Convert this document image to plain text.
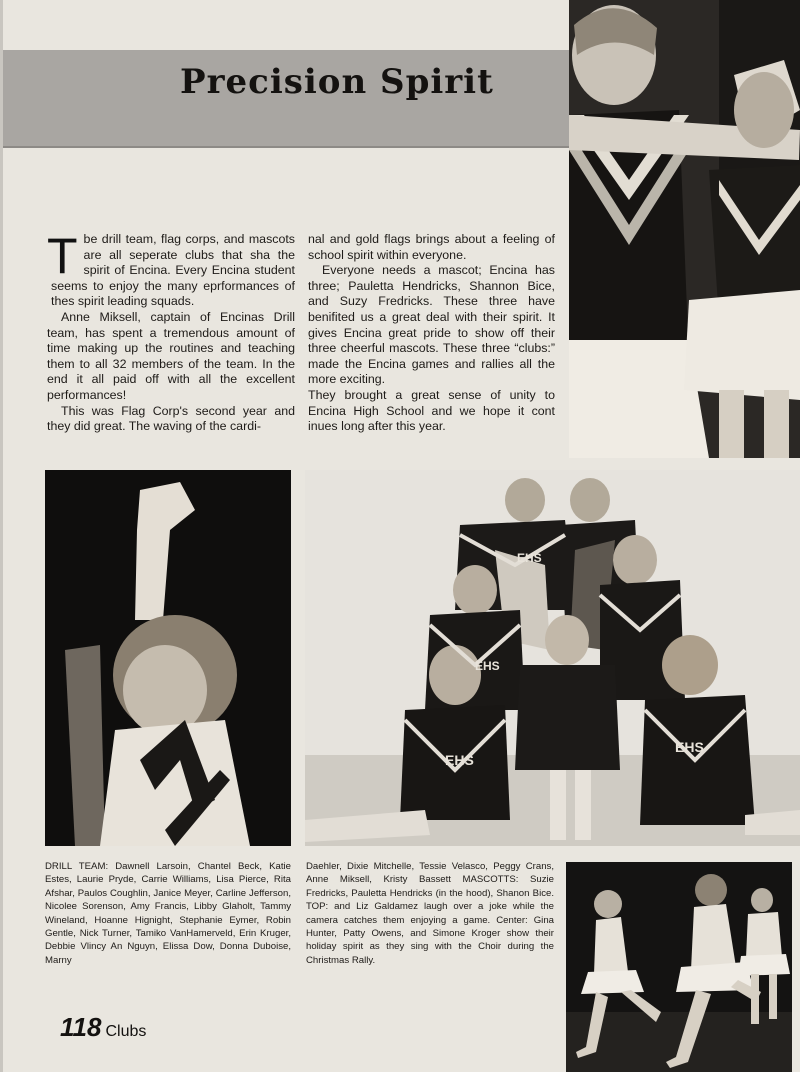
Precision Spirit
T be drill team, flag corps, and mascots are all seperate clubs that sha the spirit of Encina. Every Encina student seems to enjoy the many eprformances of thes spirit leading squads.

Anne Miksell, captain of Encinas Drill team, has spent a tremendous amount of time making up the routines and teaching them to all 32 members of the team. In the end it all paid off with all the excellent performances!

This was Flag Corp's second year and they did great. The waving of the cardi-

nal and gold flags brings about a feeling of school spirit within everyone.

Everyone needs a mascot; Encina has three; Pauletta Hendricks, Shannon Bice, and Suzy Fredricks. These three have benifited us a great deal with their spirit. It gives Encina great pride to show off their three cheerful mascots. These three “clubs:” made the Encina games and rallies all the more exciting.

They brought a great sense of unity to Encina High School and we hope it cont inues long after this year.

EHS
EHS
EHS
EHS
DRILL TEAM: Dawnell Larsoin, Chantel Beck, Katie Estes, Laurie Pryde, Carrie Williams, Lisa Pierce, Rita Afshar, Paulos Coughlin, Janice Meyer, Carline Jefferson, Nicolee Sorenson, Amy Francis, Libby Glaholt, Tammy Wineland, Hoanne Hignight, Stephanie Eymer, Robin Gentle, Nick Turner, Tamiko VanHamerveld, Erin Kruger, Debbie Vlincy An Nguyn, Elissa Dow, Donna Duboise, Marny
Daehler, Dixie Mitchelle, Tessie Velasco, Peggy Crans, Anne Miksell, Kristy Bassett MASCOTTS: Suzie Fredricks, Pauletta Hendricks (in the hood), Shanon Bice. TOP: and Liz Galdamez laugh over a joke while the camera catches them enjoying a game. Center: Gina Hunter, Patty Owens, and Simone Kroger show their holiday spirit as they sing with the Choir during the Christmas Rally.
118 Clubs
